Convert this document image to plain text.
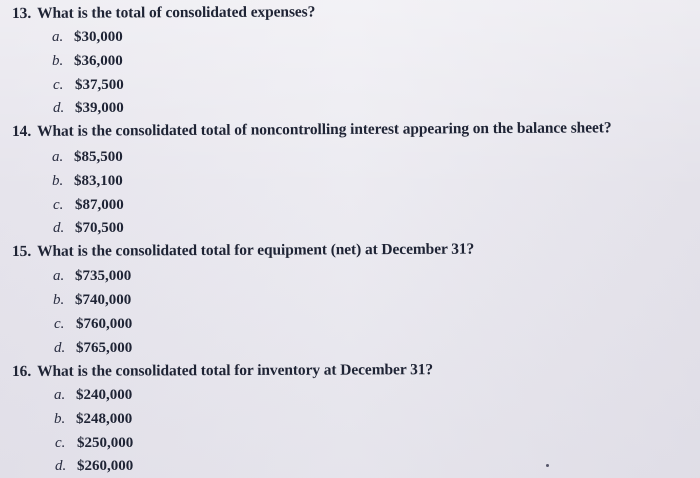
13. What is the total of consolidated expenses?
a. $30,000
b. $36,000
c. $37,500
d. $39,000
14. What is the consolidated total of noncontrolling interest appearing on the balance sheet?
a. $85,500
b. $83,100
c. $87,000
d. $70,500
15. What is the consolidated total for equipment (net) at December 31?
a. $735,000
b. $740,000
c. $760,000
d. $765,000
16. What is the consolidated total for inventory at December 31?
a. $240,000
b. $248,000
c. $250,000
d. $260,000
